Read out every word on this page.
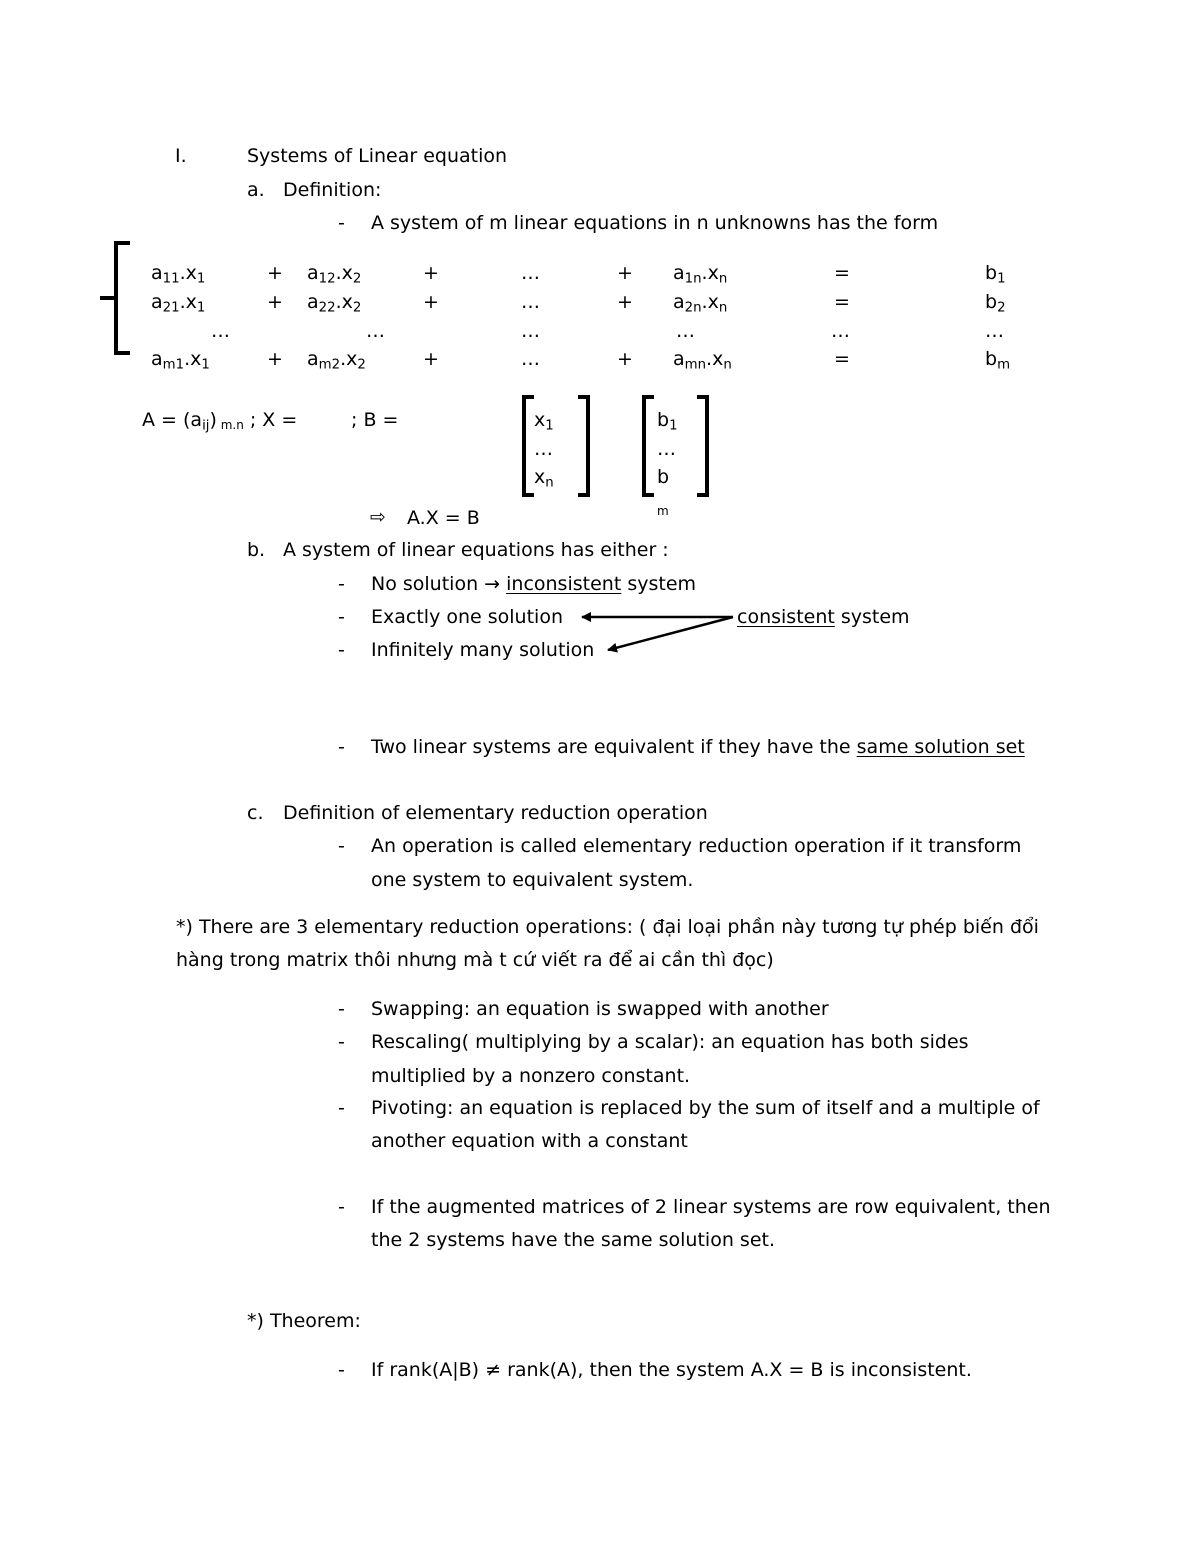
I.	Systems of Linear equation
a. Definition:
- A system of m linear equations in n unknowns has the form
$a_{11}.x_1$	+ $a_{12}.x_2$	+	…	+ $a_{1n}.x_n$	=	$b_1$
$a_{21}.x_1$	+ $a_{22}.x_2$	+	…	+ $a_{2n}.x_n$	=	$b_2$
…	…	…	…	…	…
$a_{m1}.x_1$	+ $a_{m2}.x_2$	+	…	+ $a_{mn}.x_n$	=	$b_m$
$A = (a_{ij})$ $_{m.n}$ ; X =	; B =	$x_1$
…
$x_n$
$b_1$
…
b
m
⇨ A.X = B
b. A system of linear equations has either :
- No solution → inconsistent system
- Exactly one solution	consistent system
- Infinitely many solution
- Two linear systems are equivalent if they have the same solution set
c. Definition of elementary reduction operation
- An operation is called elementary reduction operation if it transform
one system to equivalent system.
*) There are 3 elementary reduction operations: ( đại loại phần này tương tự phép biến đổi
hàng trong matrix thôi nhưng mà t cứ viết ra để ai cần thì đọc)
- Swapping: an equation is swapped with another
- Rescaling( multiplying by a scalar): an equation has both sides
multiplied by a nonzero constant.
- Pivoting: an equation is replaced by the sum of itself and a multiple of
another equation with a constant
- If the augmented matrices of 2 linear systems are row equivalent, then
the 2 systems have the same solution set.
*) Theorem:
- If rank(A|B) ≠ rank(A), then the system A.X = B is inconsistent.
